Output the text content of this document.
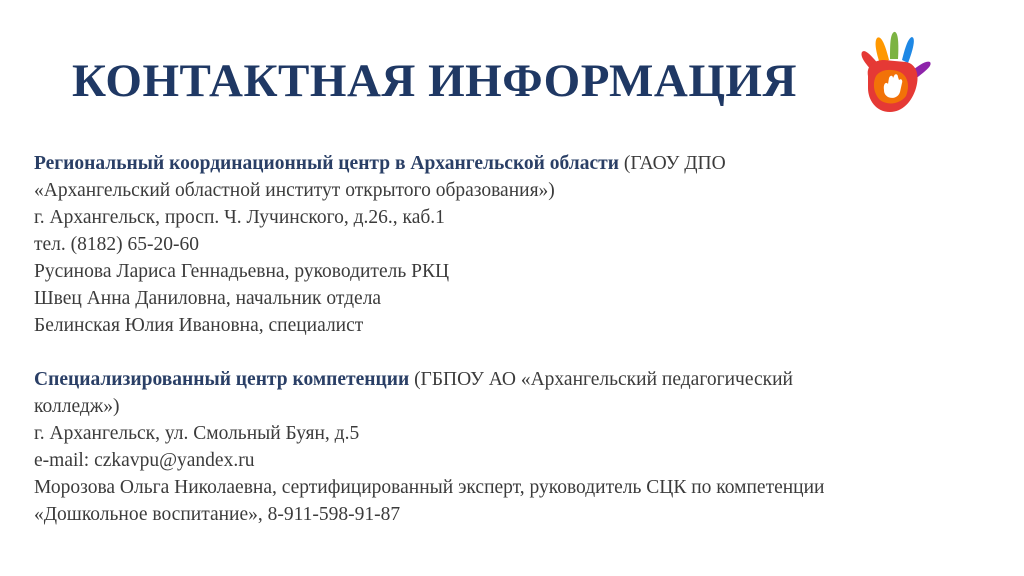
КОНТАКТНАЯ ИНФОРМАЦИЯ
Региональный координационный центр в Архангельской области (ГАОУ ДПО
«Архангельский областной институт открытого образования»)
г. Архангельск, просп. Ч. Лучинского, д.26., каб.1
тел. (8182) 65-20-60
Русинова Лариса Геннадьевна, руководитель РКЦ
Швец Анна Даниловна, начальник отдела
Белинская Юлия Ивановна, специалист
Специализированный центр компетенции (ГБПОУ АО «Архангельский педагогический
колледж»)
г. Архангельск, ул. Смольный Буян, д.5
e-mail: czkavpu@yandex.ru
Морозова Ольга Николаевна, сертифицированный эксперт, руководитель СЦК по компетенции
«Дошкольное воспитание», 8-911-598-91-87
